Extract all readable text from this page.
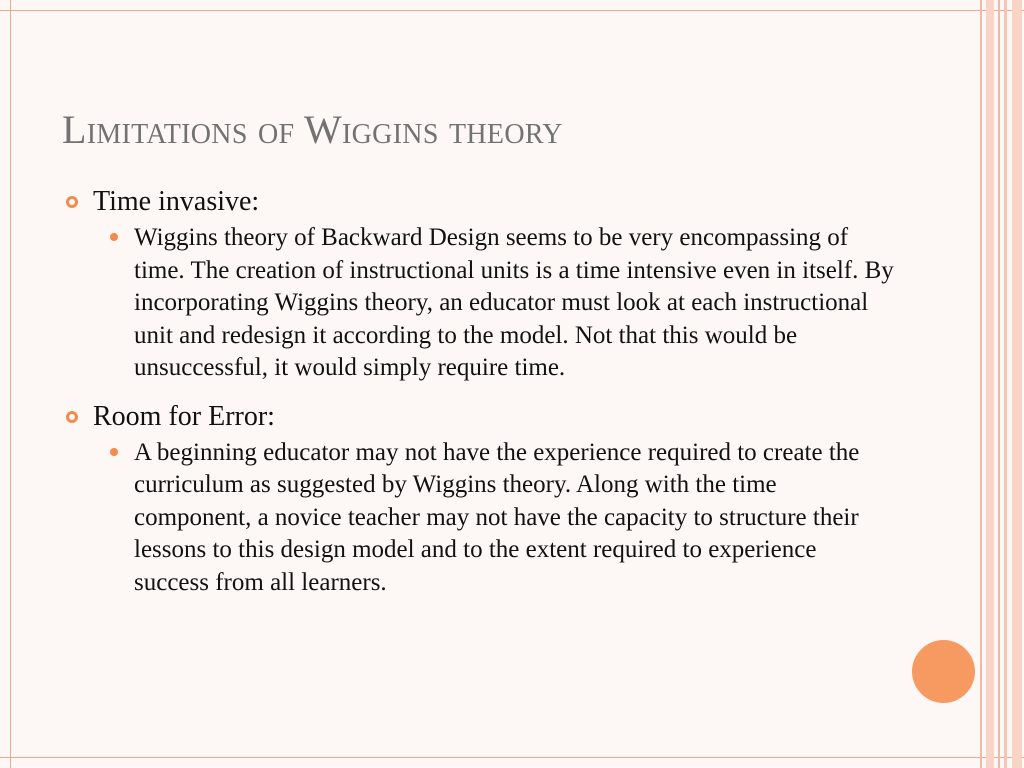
Limitations of Wiggins theory

Time invasive:

Wiggins theory of Backward Design seems to be very encompassing of time. The creation of instructional units is a time intensive even in itself. By incorporating Wiggins theory, an educator must look at each instructional unit and redesign it according to the model. Not that this would be unsuccessful, it would simply require time.

Room for Error:

A beginning educator may not have the experience required to create the curriculum as suggested by Wiggins theory. Along with the time component, a novice teacher may not have the capacity to structure their lessons to this design model and to the extent required to experience success from all learners.
